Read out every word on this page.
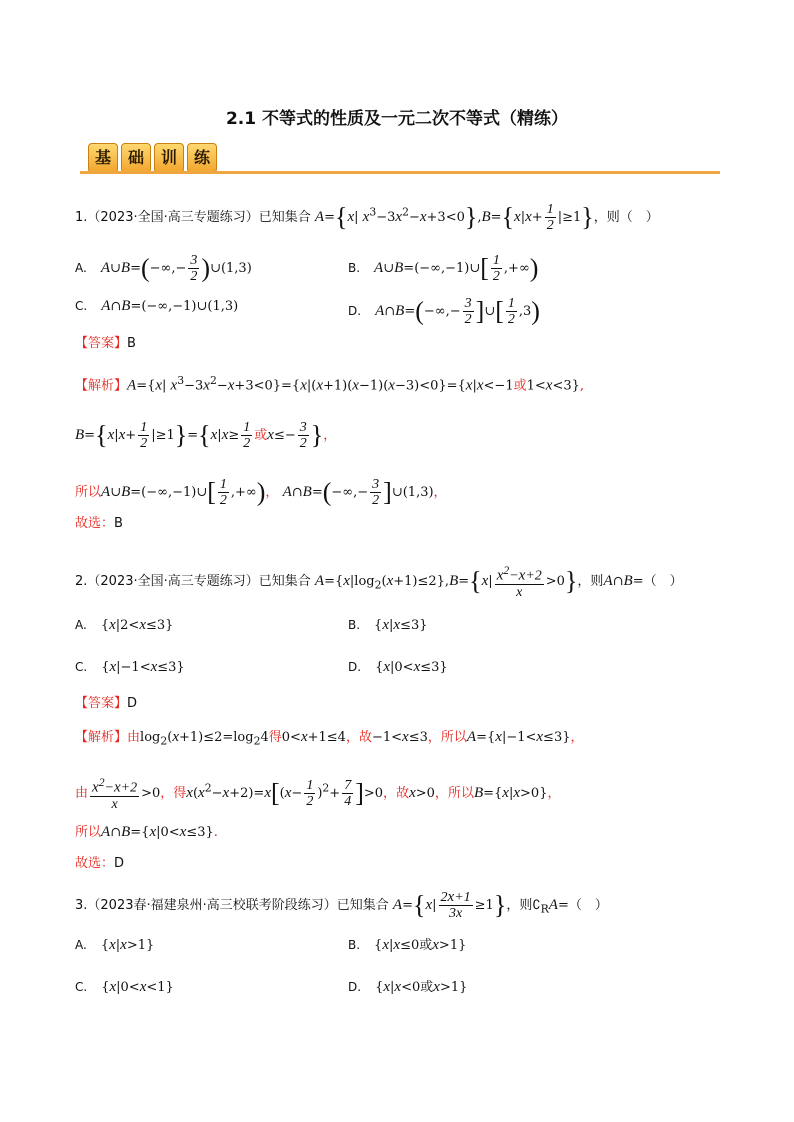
2.1 不等式的性质及一元二次不等式（精练）
基 础 训 练
1.（2023·全国·高三专题练习）已知集合 A={x| $x^3-3x^2-x+3<0\},B=\{x|x+ \frac{1}{2} |\ge 1\}$，则（　）
A. A∪B=(−∞,− $\frac{3}{2}$ )∪(1,3)	B. A∪B=(−∞,−1)∪[ $\frac{1}{2}$ ,+∞)
C. A∩B=(−∞,−1)∪(1,3)	D. A∩B=(−∞,− $\frac{3}{2}$ ]∪[ $\frac{1}{2} ,3$)
【答案】B
【解析】A={x| $x^3-3x^2-x+3<0\}=\{x|(x+1)(x-1)(x-3)<0\}=\{x|x<-1$或1<x<3},
$B=\{x|x+ \frac{1}{2} |\ge 1\}=\{x|x\ge \frac{1}{2}$ 或$x\le- \frac{3}{2}$ }，
所以A∪B=(−∞,−1)∪[ $\frac{1}{2}$ ,+∞)， A∩B=(−∞,− $\frac{3}{2}$ ]∪(1,3)，
故选：B
2.（2023·全国·高三专题练习）已知集合 $A=\{x|\log_2(x+1)\le 2\},B=\{x| \frac{x^2-x+2}{x} >0\}$，则A∩B=（　）
A. {x|2<x≤3}	B. {x|x≤3}
C. {x|−1<x≤3}	D. {x|0<x≤3}
【答案】D
【解析】由$\log_2(x+1)\le 2=\log_24$得0<x+1≤4，故−1<x≤3，所以A={x|−1<x≤3}，
由 $\frac{x^2-x+2}{x} >0$，得$x(x^2-x+2)=x[(x- \frac{1}{2} )^2+ \frac{7}{4} ]>0$，故x>0，所以B={x|x>0}，
所以A∩B={x|0<x≤3}.
故选：D
3.（2023春·福建泉州·高三校联考阶段练习）已知集合 $A=\{x| \frac{2x+1}{3x} \ge 1\}$，则$∁_RA=$（　）
A. {x|x>1}	B. {x|x≤0或x>1}
C. {x|0<x<1}	D. {x|x<0或x>1}
